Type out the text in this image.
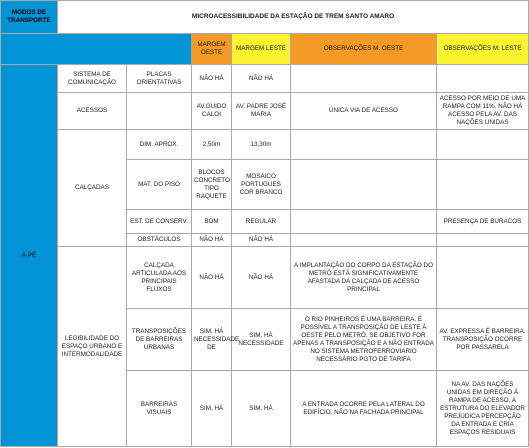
MODOS DE TRANSPORTE	MICROACESSIBILIDADE DA ESTAÇÃO DE TREM SANTO AMARO					
			MARGEM OESTE	MARGEM LESTE	OBSERVAÇÕES M. OESTE	OBSERVAÇÕES M. LESTE
À PÉ	SISTEMA DE COMUNICAÇÃO	PLACAS ORIENTATIVAS	NÃO HÁ	NÃO HÁ		
	ACESSOS		AV.GUIDO CALOI	AV. PADRE JOSÉ MARIA	ÚNICA VIA DE ACESSO	ACESSO POR MEIO DE UMA RAMPA COM 11%. NÃO HÁ ACESSO PELA AV. DAS NAÇÕES UNIDAS
	CALÇADAS	DIM. APROX.	2,50m	13,30m		
		MAT. DO PISO	BLOCOS CONCRETO TIPO RAQUETE	MOSAICO PORTUGUES COR BRANCO		
		EST. DE CONSERV.	BOM	REGULAR		PRESENÇA DE BURACOS
		OBSTÁCULOS	NÃO HÁ	NÃO HÁ		
	LEGIBILIDADE DO ESPAÇO URBANO E INTERMODALIDADE	CALÇADA ARTICULADA AOS PRINCIPAIS FLUXOS	NÃO HÁ	NÃO HÁ	A IMPLANTAÇÃO DO CORPO DA ESTAÇÃO DO METRÔ ESTÁ SIGNIFICATIVAMENTE AFASTADA DA CALÇADA DE ACESSO PRINCIPAL	
		TRANSPOSIÇÕES DE BARREIRAS URBANAS	SIM, HÁ NECESSIDADE DE	SIM, HÁ NECESSIDADE	O RIO PINHEIROS É UMA BARREIRA. É POSSÍVEL A TRANSPOSIÇÃO DE LESTE À OESTE PELO METRÔ. SE OBJETIVO FOR APENAS A TRANSPOSIÇÃO E A NÃO ENTRADA NO SISTEMA METROFERROVIARIO NECESSÁRIO PGTO DE TARIFA	AV. EXPRESSA É BARREIRA. TRANSPOSIÇÃO OCORRE POR PASSARELA
		BARREIRAS VISUAIS	SIM, HÁ	SIM, HÁ	A ENTRADA OCORRE PELA LATERAL DO EDIFÍCIO, NÃO NA FACHADA PRINCIPAL	NA AV. DAS NAÇÕES UNIDAS EM DIREÇÃO À RAMPA DE ACESSO, A ESTRUTURA DO ELEVADOR PREJUDICA PERCEPÇÃO DA ENTRADA E CRIA ESPAÇOS RESIDUAIS
